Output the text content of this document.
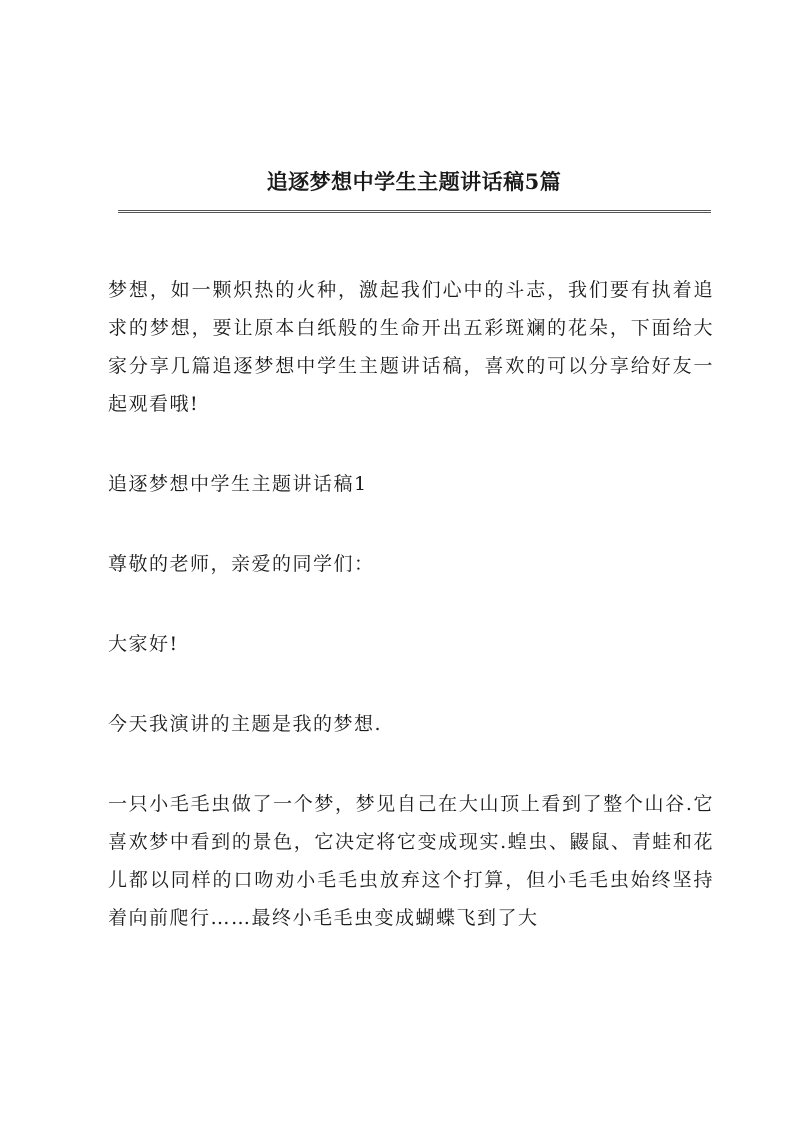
追逐梦想中学生主题讲话稿5篇

梦想，如一颗炽热的火种，激起我们心中的斗志，我们要有执着追求的梦想，要让原本白纸般的生命开出五彩斑斓的花朵，下面给大家分享几篇追逐梦想中学生主题讲话稿，喜欢的可以分享给好友一起观看哦!

追逐梦想中学生主题讲话稿1

尊敬的老师，亲爱的同学们：

大家好!

今天我演讲的主题是我的梦想.

一只小毛毛虫做了一个梦，梦见自己在大山顶上看到了整个山谷.它喜欢梦中看到的景色，它决定将它变成现实.蝗虫、鼹鼠、青蛙和花儿都以同样的口吻劝小毛毛虫放弃这个打算，但小毛毛虫始终坚持着向前爬行……最终小毛毛虫变成蝴蝶飞到了大
